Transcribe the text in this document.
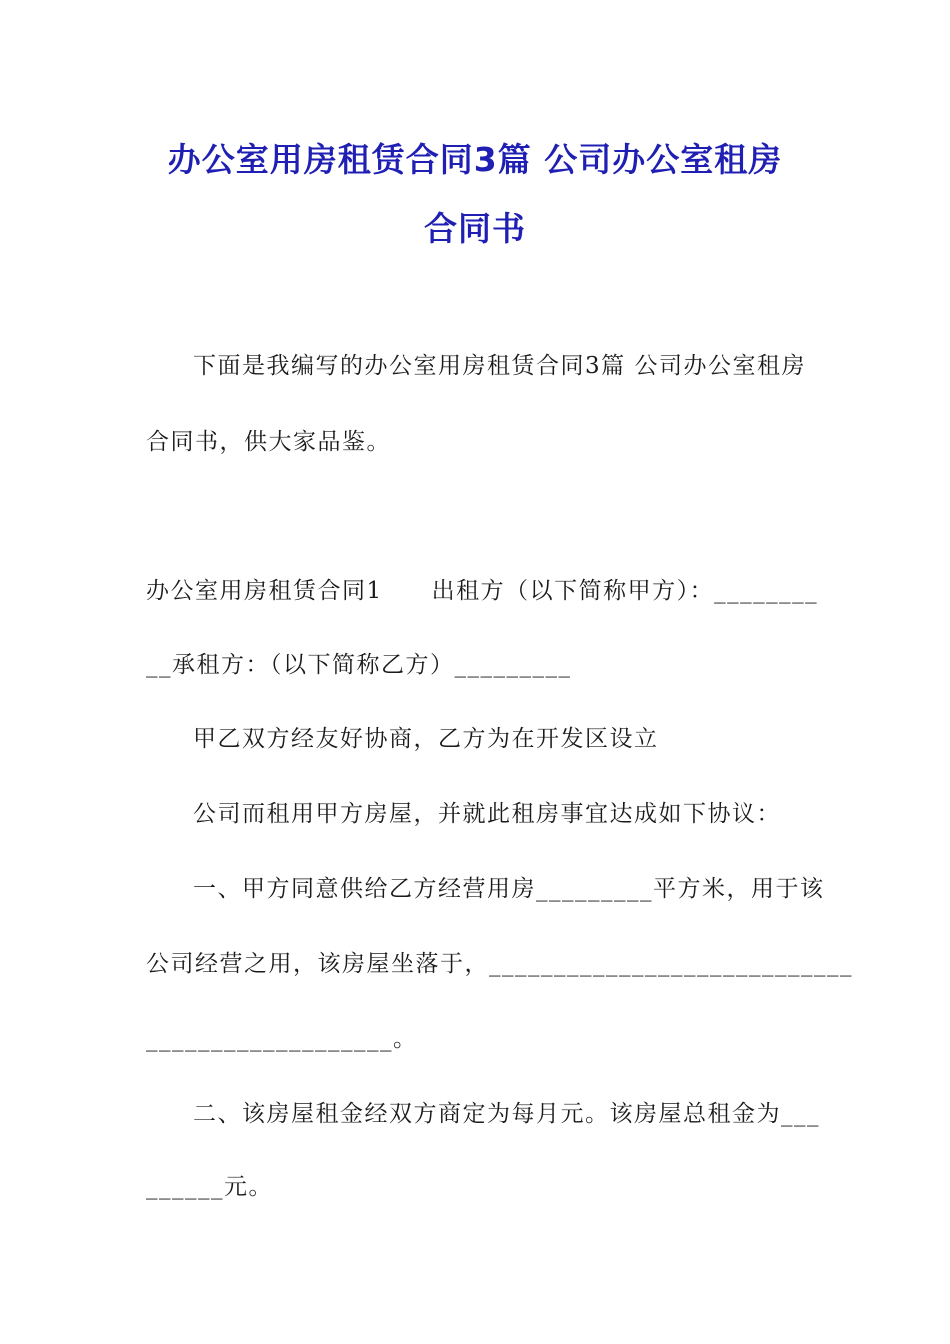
办公室用房租赁合同3篇 公司办公室租房
合同书
下面是我编写的办公室用房租赁合同3篇 公司办公室租房
合同书，供大家品鉴。
办公室用房租赁合同1　　出租方（以下简称甲方）：________
__承租方：（以下简称乙方）_________
甲乙双方经友好协商，乙方为在开发区设立
公司而租用甲方房屋，并就此租房事宜达成如下协议：
一、甲方同意供给乙方经营用房_________平方米，用于该
公司经营之用，该房屋坐落于，____________________________
___________________。
二、该房屋租金经双方商定为每月元。该房屋总租金为___
______元。
